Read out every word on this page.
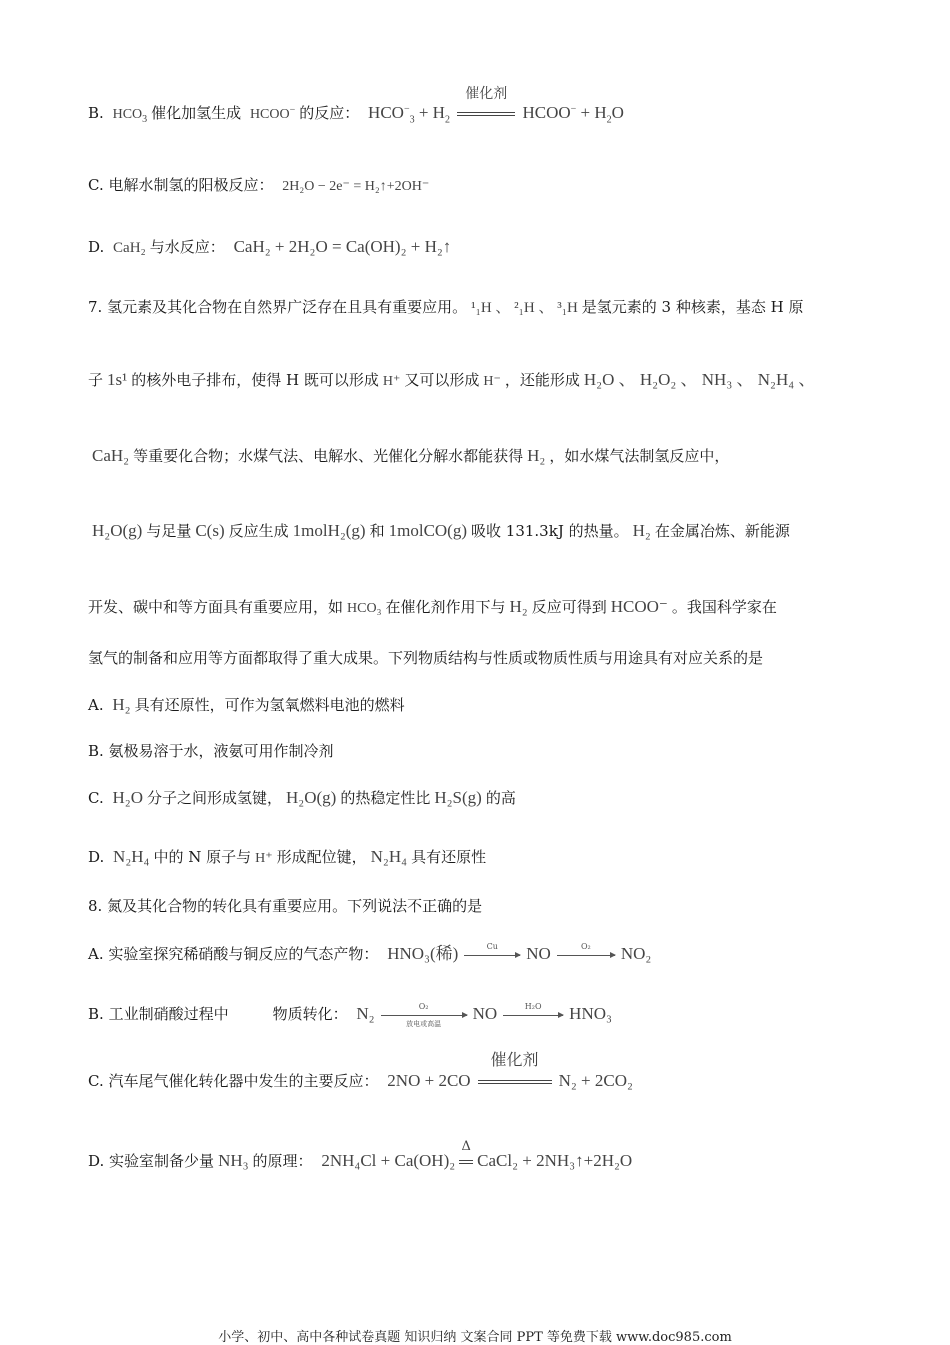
B. $HCO_3$ 催化加氢生成 HCOO− 的反应： $HCO^-_3 + H_2$
催化剂
HCOO− + $H_2O$
C. 电解水制氢的阳极反应： 2H₂O − 2e⁻ = H₂↑+2OH⁻
D. CaH₂ 与水反应： CaH₂ + 2H₂O = Ca(OH)₂ + H₂↑
7. 氢元素及其化合物在自然界广泛存在且具有重要应用。 ¹₁H 、 ²₁H 、 ³₁H 是氢元素的 3 种核素，基态 H 原
子 1s¹ 的核外电子排布，使得 H 既可以形成 H⁺ 又可以形成 H⁻ ，还能形成 H₂O 、 H₂O₂ 、 NH₃ 、 N₂H₄ 、
CaH₂ 等重要化合物；水煤气法、电解水、光催化分解水都能获得 H₂ ，如水煤气法制氢反应中，
H₂O(g) 与足量 C(s) 反应生成 1molH₂(g) 和 1molCO(g) 吸收 131.3kJ 的热量。 H₂ 在金属冶炼、新能源
开发、碳中和等方面具有重要应用，如 HCO₃ 在催化剂作用下与 H₂ 反应可得到 HCOO⁻ 。我国科学家在
氢气的制备和应用等方面都取得了重大成果。下列物质结构与性质或物质性质与用途具有对应关系的是
A. H₂ 具有还原性，可作为氢氧燃料电池的燃料
B. 氨极易溶于水，液氨可用作制冷剂
C. H₂O 分子之间形成氢键， H₂O(g) 的热稳定性比 H₂S(g) 的高
D. N₂H₄ 中的 N 原子与 H⁺ 形成配位键， N₂H₄ 具有还原性
8. 氮及其化合物的转化具有重要应用。下列说法不正确的是
A. 实验室探究稀硝酸与铜反应的气态产物： HNO₃(稀)	Cu	NO	O₂	NO₂
B. 工业制硝酸过程中	物质转化： N₂	O₂
放电或高温
NO	H₂O	HNO₃
C. 汽车尾气催化转化器中发生的主要反应： 2NO + 2CO
催化剂
N₂ + 2CO₂
D. 实验室制备少量 NH₃ 的原理： 2NH₄Cl + Ca(OH)₂
Δ
CaCl₂ + 2NH₃↑+2H₂O
小学、初中、高中各种试卷真题 知识归纳 文案合同 PPT 等免费下载 www.doc985.com
